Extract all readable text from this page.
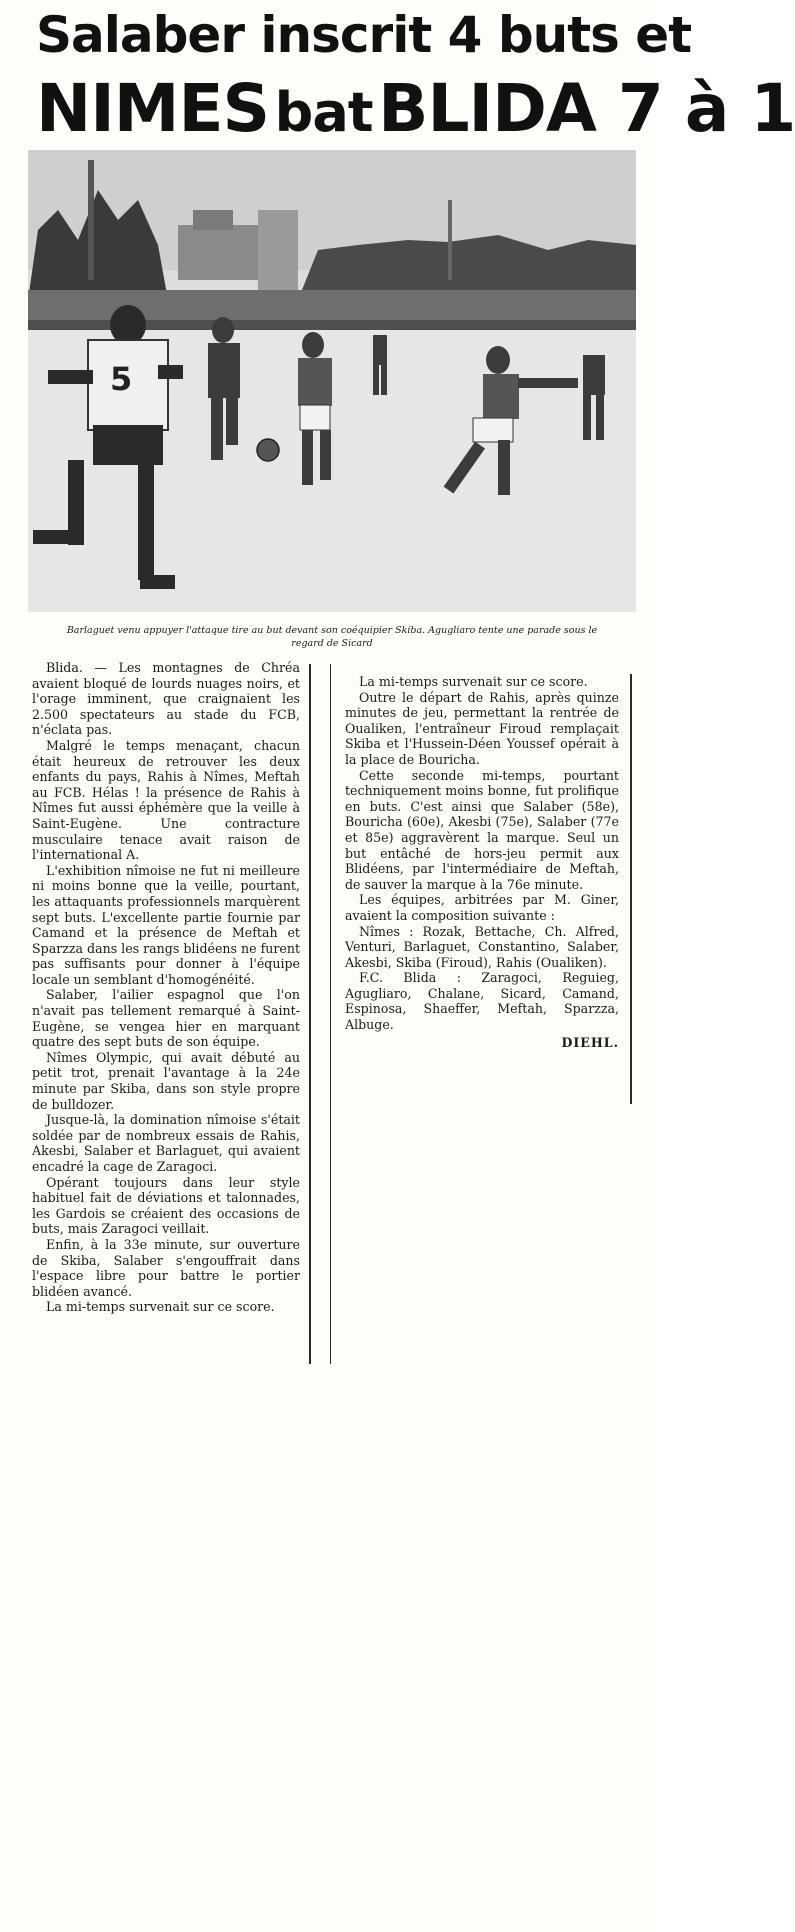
Salaber inscrit 4 buts et
NIMES bat BLIDA 7 à 1
5
Barlaguet venu appuyer l'attaque tire au but devant son coéquipier Skiba. Agugliaro tente une parade sous le
regard de Sicard

Blida. — Les montagnes de Chréa avaient bloqué de lourds nuages noirs, et l'orage imminent, que craignaient les 2.500 spectateurs au stade du FCB, n'éclata pas.

Malgré le temps menaçant, chacun était heureux de retrouver les deux enfants du pays, Rahis à Nîmes, Meftah au FCB. Hélas ! la présence de Rahis à Nîmes fut aussi éphémère que la veille à Saint-Eugène. Une contracture musculaire tenace avait raison de l'international A.

L'exhibition nîmoise ne fut ni meilleure ni moins bonne que la veille, pourtant, les attaquants professionnels marquèrent sept buts. L'excellente partie fournie par Camand et la présence de Meftah et Sparzza dans les rangs blidéens ne furent pas suffisants pour donner à l'équipe locale un semblant d'homogénéité.

Salaber, l'ailier espagnol que l'on n'avait pas tellement remarqué à Saint-Eugène, se vengea hier en marquant quatre des sept buts de son équipe.

Nîmes Olympic, qui avait débuté au petit trot, prenait l'avantage à la 24e minute par Skiba, dans son style propre de bulldozer.

Jusque-là, la domination nîmoise s'était soldée par de nombreux essais de Rahis, Akesbi, Salaber et Barlaguet, qui avaient encadré la cage de Zaragoci.

Opérant toujours dans leur style habituel fait de déviations et talonnades, les Gardois se créaient des occasions de buts, mais Zaragoci veillait.

Enfin, à la 33e minute, sur ouverture de Skiba, Salaber s'engouffrait dans l'espace libre pour battre le portier blidéen avancé.

La mi-temps survenait sur ce score.

La mi-temps survenait sur ce score.

Outre le départ de Rahis, après quinze minutes de jeu, permettant la rentrée de Oualiken, l'entraîneur Firoud remplaçait Skiba et l'Hussein-Déen Youssef opérait à la place de Bouricha.

Cette seconde mi-temps, pourtant techniquement moins bonne, fut prolifique en buts. C'est ainsi que Salaber (58e), Bouricha (60e), Akesbi (75e), Salaber (77e et 85e) aggravèrent la marque. Seul un but entâché de hors-jeu permit aux Blidéens, par l'intermédiaire de Meftah, de sauver la marque à la 76e minute.

Les équipes, arbitrées par M. Giner, avaient la composition suivante :

Nîmes : Rozak, Bettache, Ch. Alfred, Venturi, Barlaguet, Constantino, Salaber, Akesbi, Skiba (Firoud), Rahis (Oualiken).

F.C. Blida : Zaragoci, Reguieg, Agugliaro, Chalane, Sicard, Camand, Espinosa, Shaeffer, Meftah, Sparzza, Albuge.

DIEHL.
